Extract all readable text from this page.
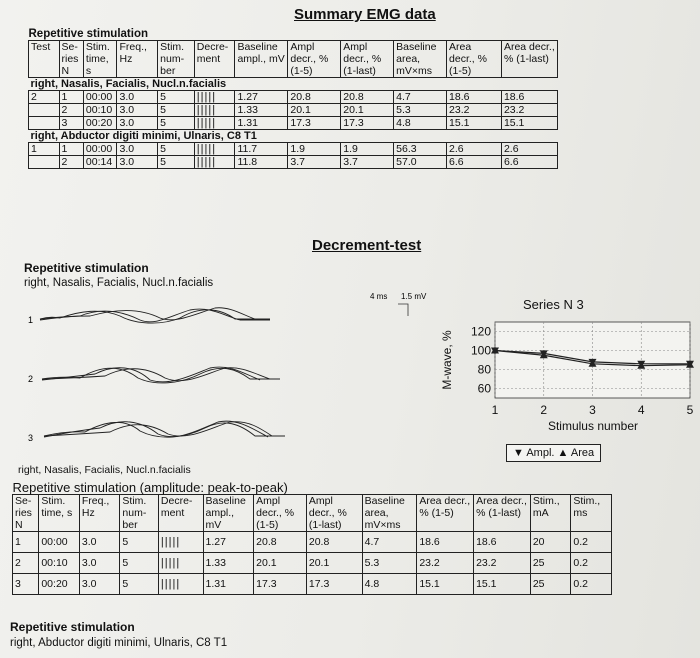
Summary EMG data
Repetitive stimulation											
Test	Se-ries N	Stim. time, s	Freq., Hz	Stim. num-ber	Decre-ment	Baseline ampl., mV	Ampl decr., % (1-5)	Ampl decr., % (1-last)	Baseline area, mV×ms	Area decr., % (1-5)	Area decr., % (1-last)
right, Nasalis, Facialis, Nucl.n.facialis											
2	1	00:00	3.0	5	|||||	1.27	20.8	20.8	4.7	18.6	18.6
	2	00:10	3.0	5	|||||	1.33	20.1	20.1	5.3	23.2	23.2
	3	00:20	3.0	5	|||||	1.31	17.3	17.3	4.8	15.1	15.1
right, Abductor digiti minimi, Ulnaris, C8 T1											
1	1	00:00	3.0	5	|||||	11.7	1.9	1.9	56.3	2.6	2.6
	2	00:14	3.0	5	|||||	11.8	3.7	3.7	57.0	6.6	6.6
Decrement-test
Repetitive stimulation
right, Nasalis, Facialis, Nucl.n.facialis
4 ms 1.5 mV
1
2
3
Series N 3
60
80
100
120
1	2	3	4	5
Stimulus number
M-wave, %
▼ Ampl. ▲ Area
right, Nasalis, Facialis, Nucl.n.facialis
Repetitive stimulation (amplitude: peak-to-peak)												
Se-ries N	Stim. time, s	Freq., Hz	Stim. num-ber	Decre-ment	Baseline ampl., mV	Ampl decr., % (1-5)	Ampl decr., % (1-last)	Baseline area, mV×ms	Area decr., % (1-5)	Area decr., % (1-last)	Stim., mA	Stim., ms
1	00:00	3.0	5	|||||	1.27	20.8	20.8	4.7	18.6	18.6	20	0.2
2	00:10	3.0	5	|||||	1.33	20.1	20.1	5.3	23.2	23.2	25	0.2
3	00:20	3.0	5	|||||	1.31	17.3	17.3	4.8	15.1	15.1	25	0.2
Repetitive stimulation
right, Abductor digiti minimi, Ulnaris, C8 T1
